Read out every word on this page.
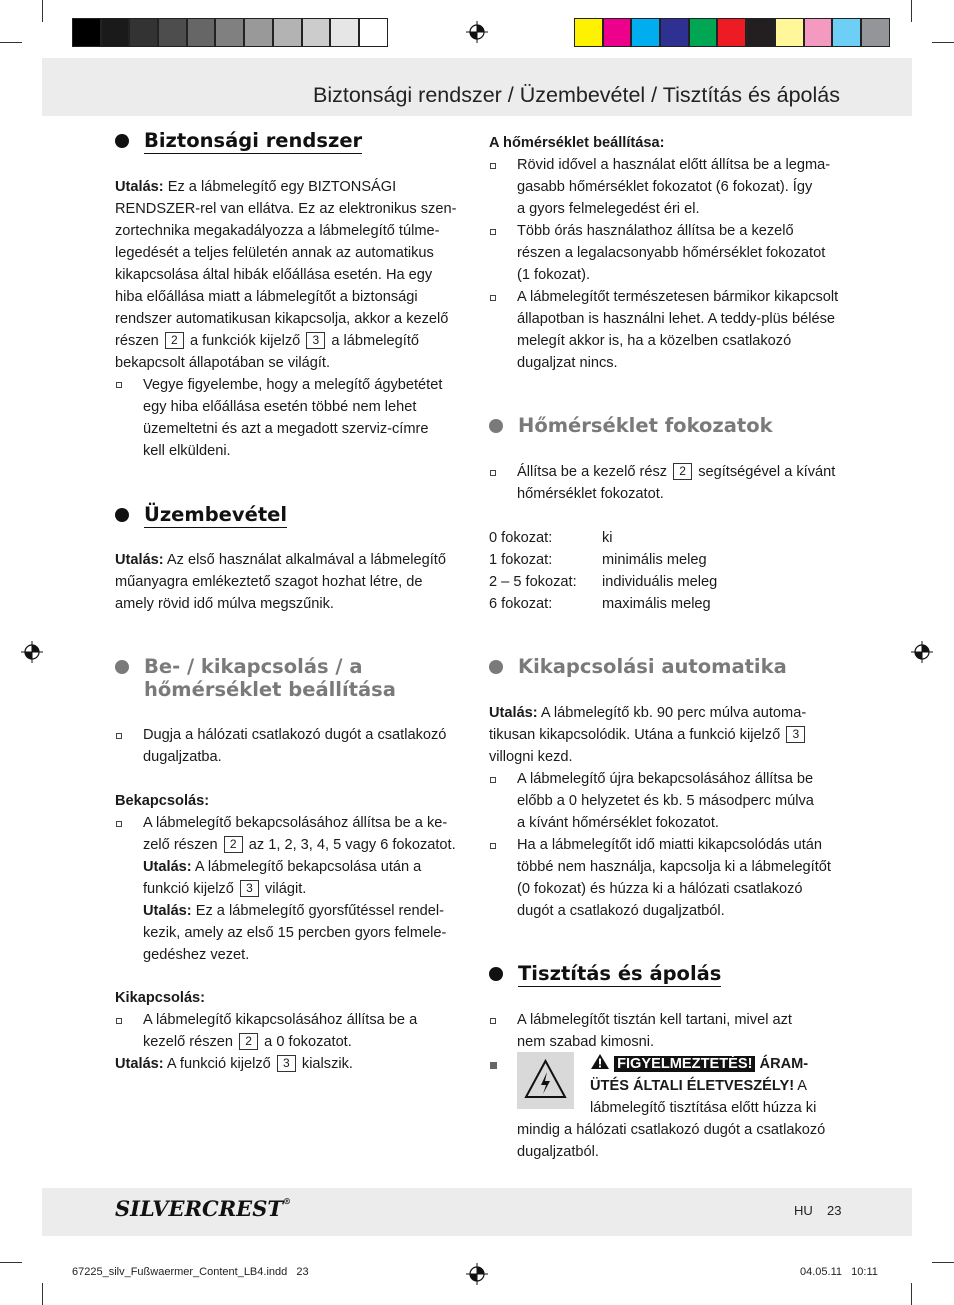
Biztonsági rendszer / Üzembevétel / Tisztítás és ápolás
Biztonsági rendszer
Utalás: Ez a lábmelegítő egy BIZTONSÁGI
RENDSZER-rel van ellátva. Ez az elektronikus szen-
zortechnika megakadályozza a lábmelegítő túlme-
legedését a teljes felületén annak az automatikus
kikapcsolása által hibák előállása esetén. Ha egy
hiba előállása miatt a lábmelegítőt a biztonsági
rendszer automatikusan kikapcsolja, akkor a kezelő
részen 2 a funkciók kijelző 3 a lábmelegítő
bekapcsolt állapotában se világít.
Vegye figyelembe, hogy a melegítő ágybetétet
egy hiba előállása esetén többé nem lehet
üzemeltetni és azt a megadott szerviz-címre
kell elküldeni.
Üzembevétel
Utalás: Az első használat alkalmával a lábmelegítő
műanyagra emlékeztető szagot hozhat létre, de
amely rövid idő múlva megszűnik.
Be- / kikapcsolás / a
hőmérséklet beállítása
Dugja a hálózati csatlakozó dugót a csatlakozó
dugaljzatba.
Bekapcsolás:
A lábmelegítő bekapcsolásához állítsa be a ke-
zelő részen 2 az 1, 2, 3, 4, 5 vagy 6 fokozatot.
Utalás: A lábmelegítő bekapcsolása után a
funkció kijelző 3 világit.
Utalás: Ez a lábmelegítő gyorsfűtéssel rendel-
kezik, amely az első 15 percben gyors felmele-
gedéshez vezet.
Kikapcsolás:
A lábmelegítő kikapcsolásához állítsa be a
kezelő részen 2 a 0 fokozatot.
Utalás: A funkció kijelző 3 kialszik.
A hőmérséklet beállítása:
Rövid idővel a használat előtt állítsa be a legma-
gasabb hőmérséklet fokozatot (6 fokozat). Így
a gyors felmelegedést éri el.
Több órás használathoz állítsa be a kezelő
részen a legalacsonyabb hőmérséklet fokozatot
(1 fokozat).
A lábmelegítőt természetesen bármikor kikapcsolt
állapotban is használni lehet. A teddy-plüs bélése
melegít akkor is, ha a közelben csatlakozó
dugaljzat nincs.
Hőmérséklet fokozatok
Állítsa be a kezelő rész 2 segítségével a kívánt
hőmérséklet fokozatot.
0 fokozat:	ki
1 fokozat:	minimális meleg
2 – 5 fokozat: individuális meleg
6 fokozat:	maximális meleg
Kikapcsolási automatika
Utalás: A lábmelegítő kb. 90 perc múlva automa-
tikusan kikapcsolódik. Utána a funkció kijelző 3
villogni kezd.
A lábmelegítő újra bekapcsolásához állítsa be
előbb a 0 helyzetet és kb. 5 másodperc múlva
a kívánt hőmérséklet fokozatot.
Ha a lábmelegítőt idő miatti kikapcsolódás után
többé nem használja, kapcsolja ki a lábmelegítőt
(0 fokozat) és húzza ki a hálózati csatlakozó
dugót a csatlakozó dugaljzatból.
Tisztítás és ápolás
A lábmelegítőt tisztán kell tartani, mivel azt
nem szabad kimosni.
FIGYELMEZTETÉS! ÁRAM-
ÜTÉS ÁLTALI ÉLETVESZÉLY! A
lábmelegítő tisztítása előtt húzza ki
mindig a hálózati csatlakozó dugót a csatlakozó
dugaljzatból.
SILVERCREST®
HU 23
67225_silv_Fußwaermer_Content_LB4.indd   23	04.05.11   10:11
